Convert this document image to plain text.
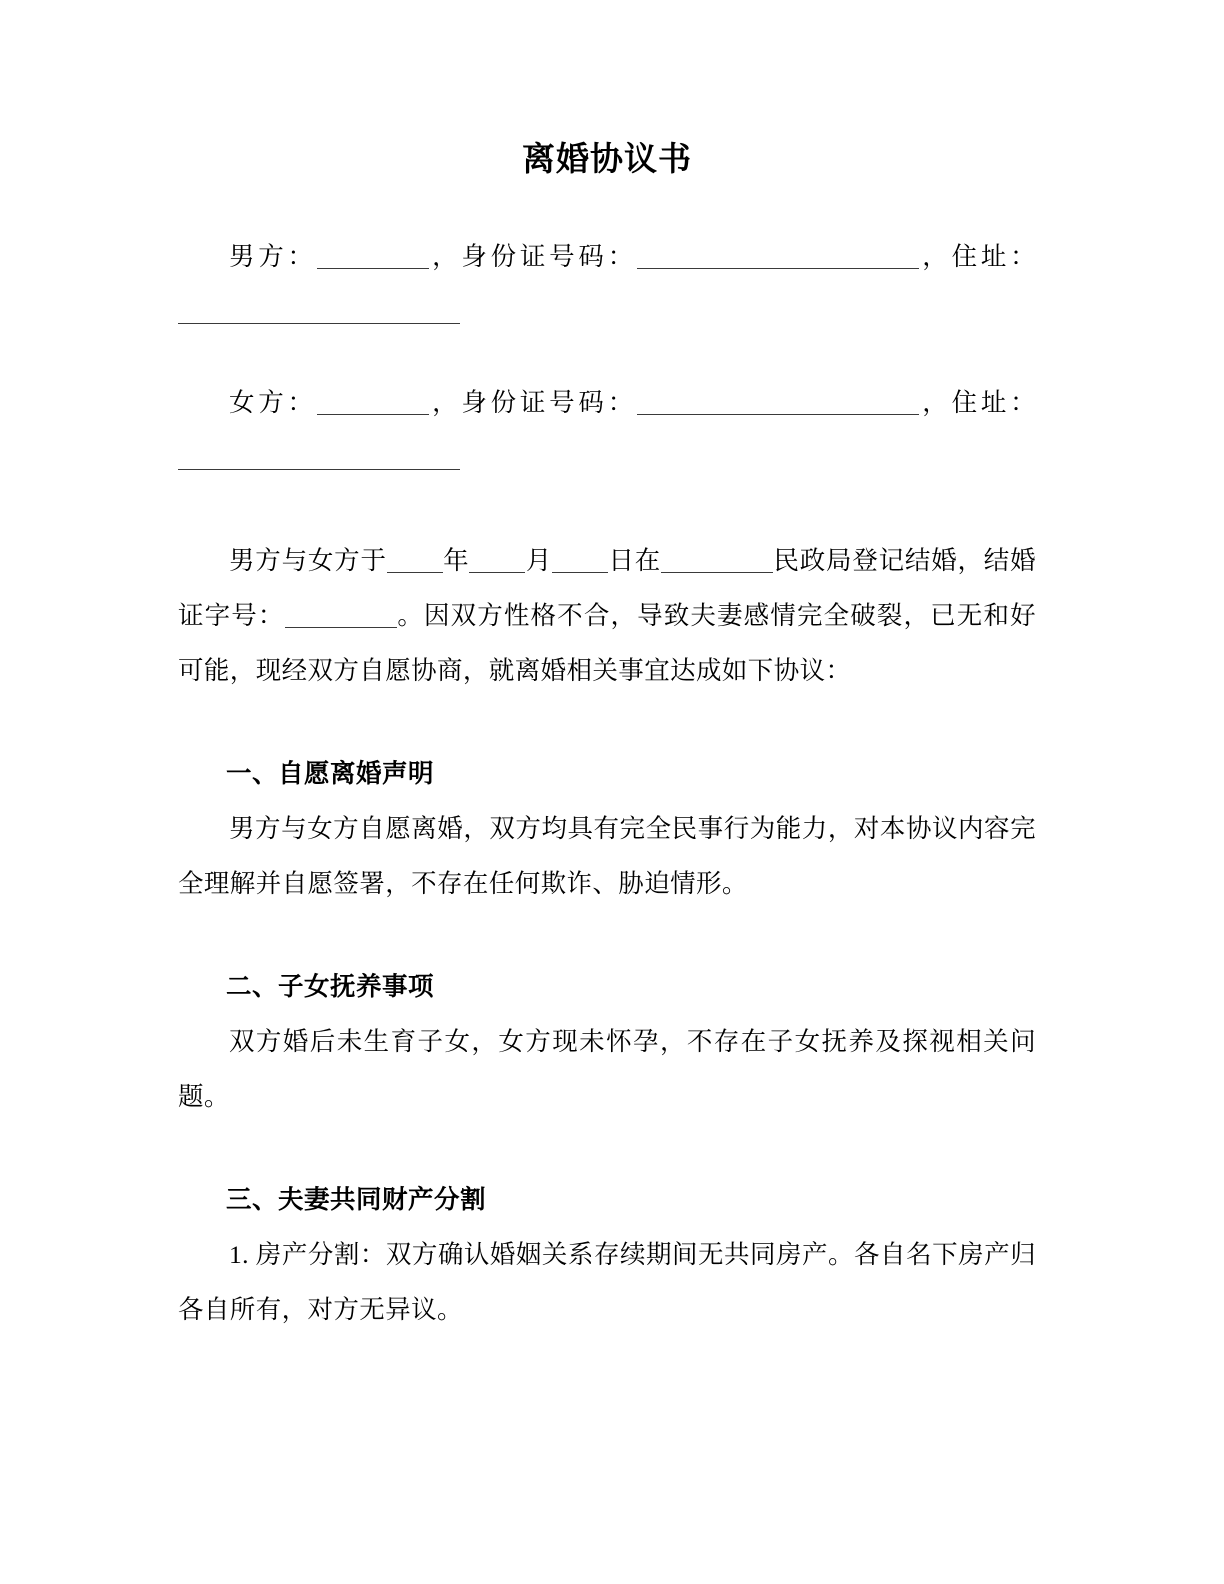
离婚协议书

男方：	，身份证号码：	，住址：

女方：	，身份证号码：	，住址：

男方与女方于 年 月 日在	民政局登记结婚，结婚证字号：	。因双方性格不合，导致夫妻感情完全破裂，已无和好可能，现经双方自愿协商，就离婚相关事宜达成如下协议：

一、自愿离婚声明

男方与女方自愿离婚，双方均具有完全民事行为能力，对本协议内容完全理解并自愿签署，不存在任何欺诈、胁迫情形。

二、子女抚养事项

双方婚后未生育子女，女方现未怀孕，不存在子女抚养及探视相关问题。

三、夫妻共同财产分割

1. 房产分割：双方确认婚姻关系存续期间无共同房产。各自名下房产归各自所有，对方无异议。
